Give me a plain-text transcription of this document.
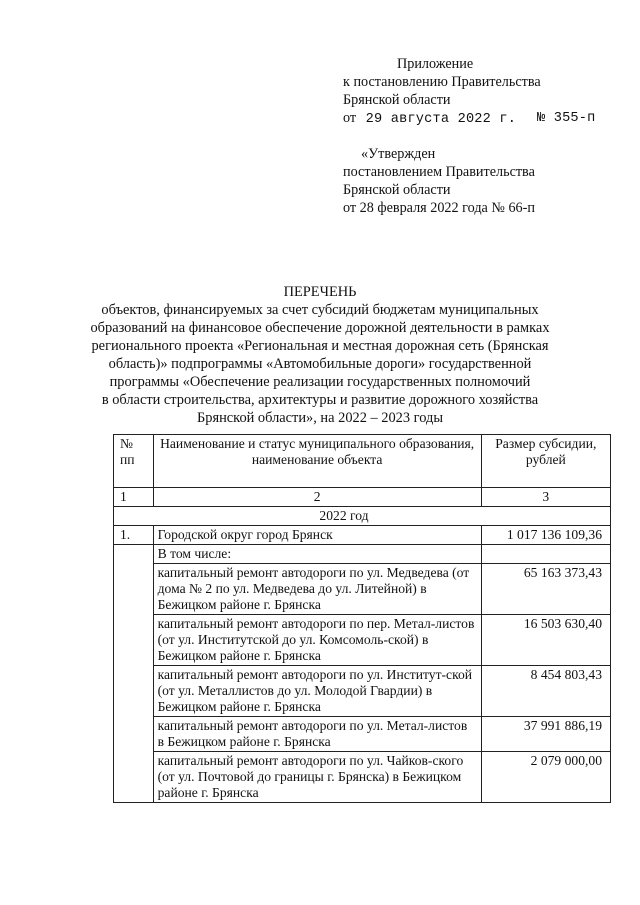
Приложение
к постановлению Правительства
Брянской области
от 29 августа 2022 г. № 355-п
«Утвержден
постановлением Правительства
Брянской области
от 28 февраля 2022 года № 66-п
ПЕРЕЧЕНЬ
объектов, финансируемых за счет субсидий бюджетам муниципальных
образований на финансовое обеспечение дорожной деятельности в рамках
регионального проекта «Региональная и местная дорожная сеть (Брянская
область)» подпрограммы «Автомобильные дороги» государственной
программы «Обеспечение реализации государственных полномочий
в области строительства, архитектуры и развитие дорожного хозяйства
Брянской области», на 2022 – 2023 годы
№ пп	Наименование и статус муниципального образования, наименование объекта	Размер субсидии, рублей
1	2	3
2022 год		
1.	Городской округ город Брянск	1 017 136 109,36
	В том числе:	
	капитальный ремонт автодороги по ул. Медведева (от дома № 2 по ул. Медведева до ул. Литейной) в Бежицком районе г. Брянска	65 163 373,43
	капитальный ремонт автодороги по пер. Метал-листов (от ул. Институтской до ул. Комсомоль-ской) в Бежицком районе г. Брянска	16 503 630,40
	капитальный ремонт автодороги по ул. Институт-ской (от ул. Металлистов до ул. Молодой Гвардии) в Бежицком районе г. Брянска	8 454 803,43
	капитальный ремонт автодороги по ул. Метал-листов в Бежицком районе г. Брянска	37 991 886,19
	капитальный ремонт автодороги по ул. Чайков-ского (от ул. Почтовой до границы г. Брянска) в Бежицком районе г. Брянска	2 079 000,00
